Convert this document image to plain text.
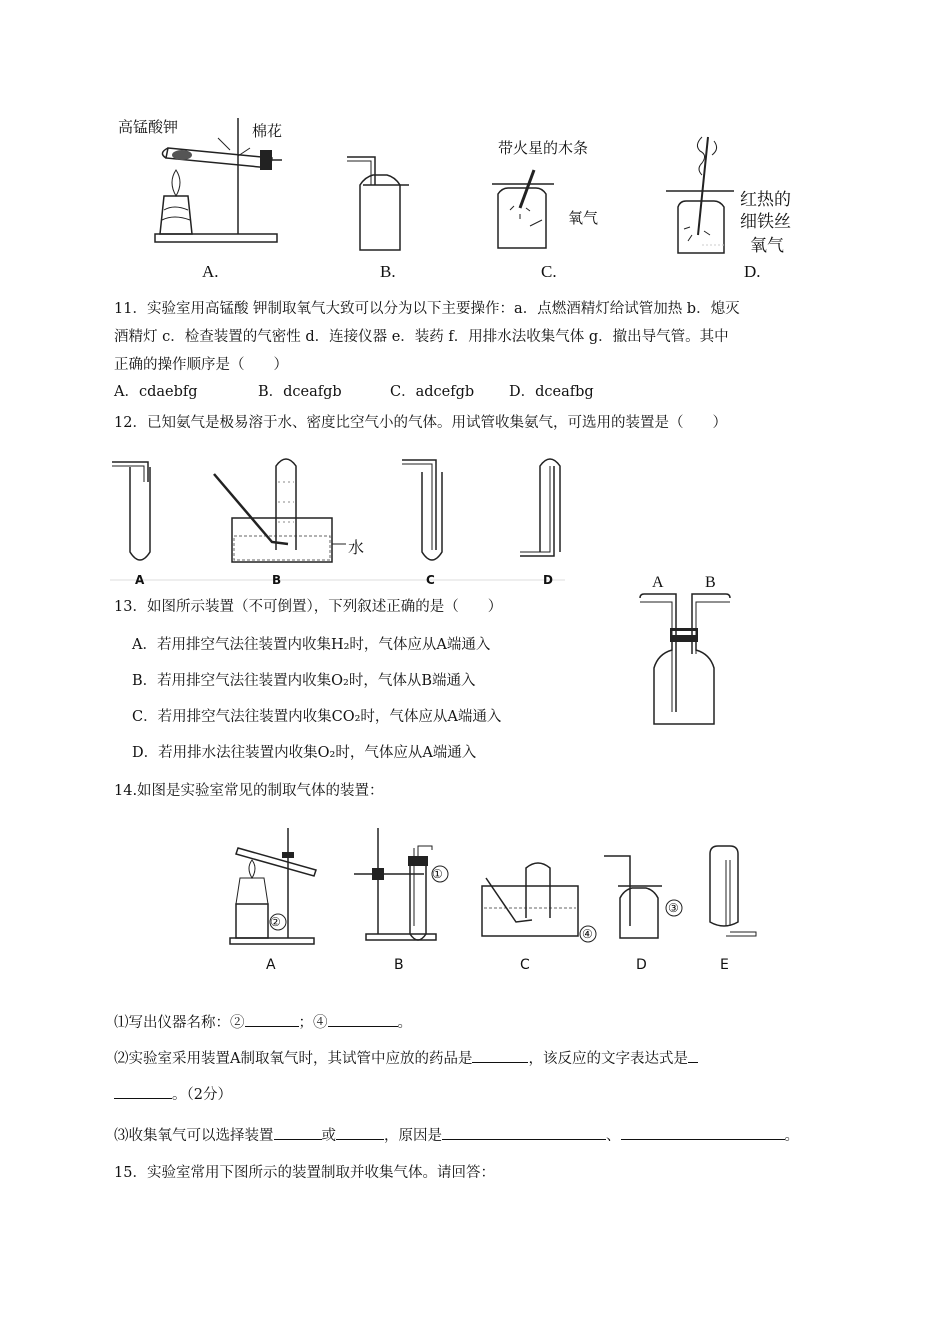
高锰酸钾	棉花
带火星的木条
氧气
红热的
细铁丝
氧气
A.	B.	C.	D.
11．实验室用高锰酸 钾制取氧气大致可以分为以下主要操作：a．点燃酒精灯给试管加热 b．熄灭
酒精灯 c．检查装置的气密性 d．连接仪器 e．装药 f．用排水法收集气体 g．撤出导气管。其中
正确的操作顺序是（　　）
A．cdaebfg	B．dceafgb	C．adcefgb D．dceafbg
12．已知氨气是极易溶于水、密度比空气小的气体。用试管收集氨气，可选用的装置是（　　）
水
A	B	C	D
13．如图所示装置（不可倒置），下列叙述正确的是（　　）
A．若用排空气法往装置内收集H₂时，气体应从A端通入
B．若用排空气法往装置内收集O₂时，气体从B端通入
C．若用排空气法往装置内收集CO₂时，气体应从A端通入
D．若用排水法往装置内收集O₂时，气体应从A端通入
A	B
14.如图是实验室常见的制取气体的装置：
②
①
④
③
A	B	C	D	E
⑴写出仪器名称：②	；④	。
⑵实验室采用装置A制取氧气时，其试管中应放的药品是	，该反应的文字表达式是
。（2分）
⑶收集氧气可以选择装置	或	，原因是	、	。
15．实验室常用下图所示的装置制取并收集气体。请回答：
